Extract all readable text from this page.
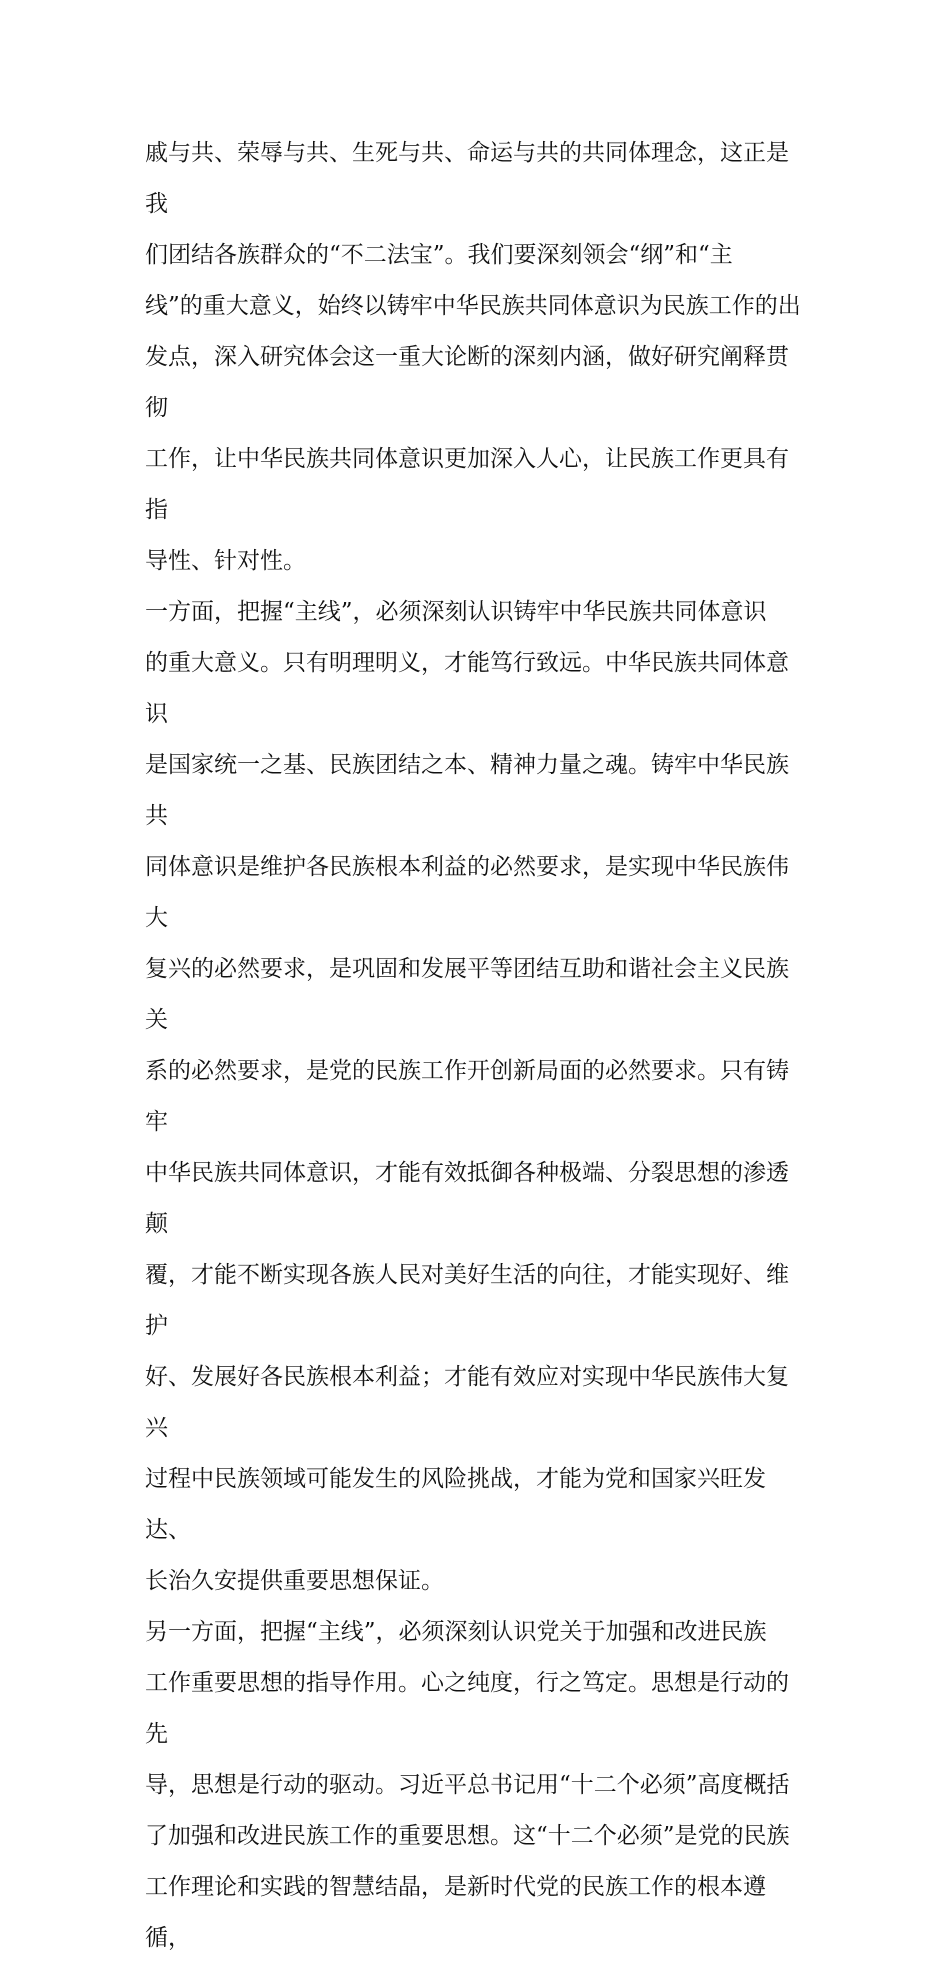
戚与共、荣辱与共、生死与共、命运与共的共同体理念，这正是我
们团结各族群众的“不二法宝”。我们要深刻领会“纲”和“主
线”的重大意义，始终以铸牢中华民族共同体意识为民族工作的出
发点，深入研究体会这一重大论断的深刻内涵，做好研究阐释贯彻
工作，让中华民族共同体意识更加深入人心，让民族工作更具有指
导性、针对性。

一方面，把握“主线”，必须深刻认识铸牢中华民族共同体意识
的重大意义。只有明理明义，才能笃行致远。中华民族共同体意识
是国家统一之基、民族团结之本、精神力量之魂。铸牢中华民族共
同体意识是维护各民族根本利益的必然要求，是实现中华民族伟大
复兴的必然要求，是巩固和发展平等团结互助和谐社会主义民族关
系的必然要求，是党的民族工作开创新局面的必然要求。只有铸牢
中华民族共同体意识，才能有效抵御各种极端、分裂思想的渗透颠
覆，才能不断实现各族人民对美好生活的向往，才能实现好、维护
好、发展好各民族根本利益；才能有效应对实现中华民族伟大复兴
过程中民族领域可能发生的风险挑战，才能为党和国家兴旺发达、
长治久安提供重要思想保证。

另一方面，把握“主线”，必须深刻认识党关于加强和改进民族
工作重要思想的指导作用。心之纯度，行之笃定。思想是行动的先
导，思想是行动的驱动。习近平总书记用“十二个必须”高度概括
了加强和改进民族工作的重要思想。这“十二个必须”是党的民族
工作理论和实践的智慧结晶，是新时代党的民族工作的根本遵循，
